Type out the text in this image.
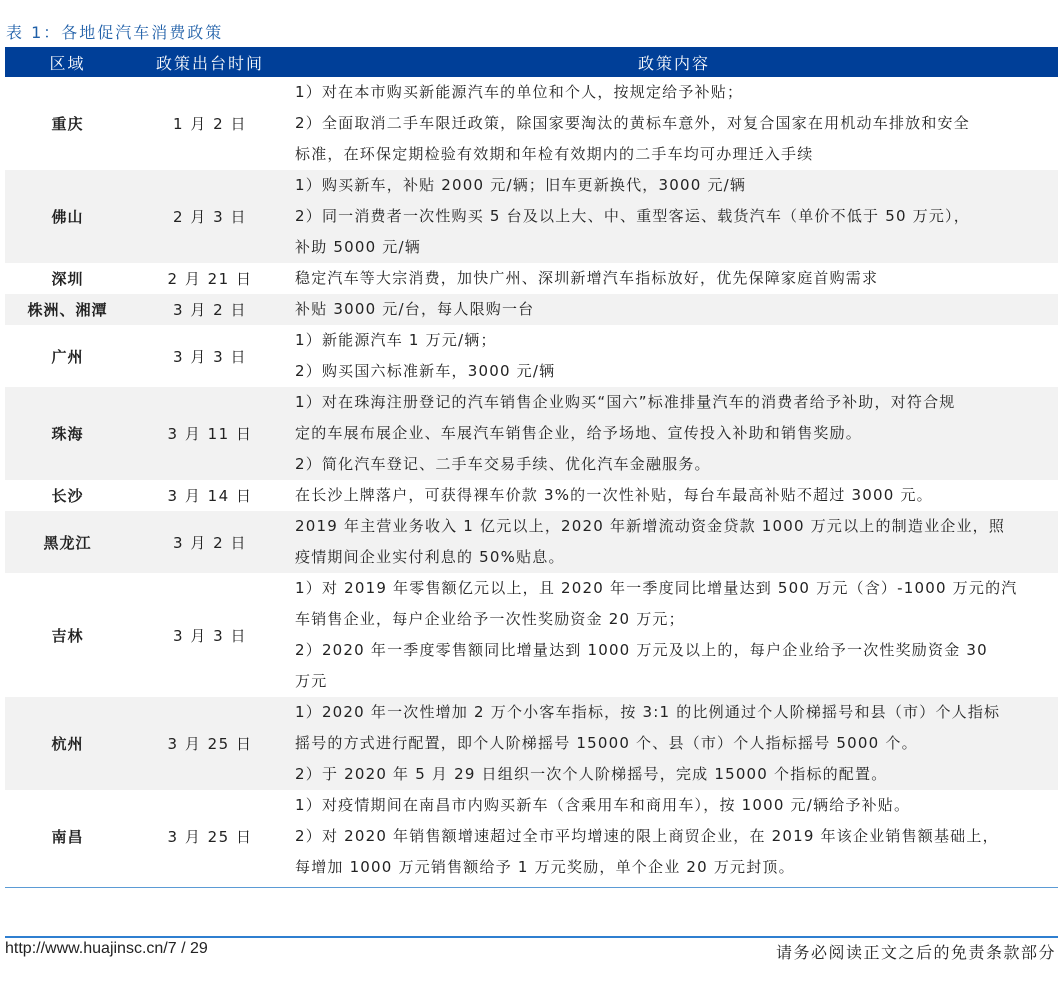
表 1：各地促汽车消费政策
区域	政策出台时间	政策内容
重庆	1 月 2 日	1）对在本市购买新能源汽车的单位和个人，按规定给予补贴；
2）全面取消二手车限迁政策，除国家要淘汰的黄标车意外，对复合国家在用机动车排放和安全
标准，在环保定期检验有效期和年检有效期内的二手车均可办理迁入手续

佛山	2 月 3 日	1）购买新车，补贴 2000 元/辆；旧车更新换代，3000 元/辆
2）同一消费者一次性购买 5 台及以上大、中、重型客运、载货汽车（单价不低于 50 万元），
补助 5000 元/辆

深圳	2 月 21 日	稳定汽车等大宗消费，加快广州、深圳新增汽车指标放好，优先保障家庭首购需求

株洲、湘潭	3 月 2 日	补贴 3000 元/台，每人限购一台

广州	3 月 3 日	1）新能源汽车 1 万元/辆；
2）购买国六标准新车，3000 元/辆

珠海	3 月 11 日	1）对在珠海注册登记的汽车销售企业购买“国六”标准排量汽车的消费者给予补助，对符合规
定的车展布展企业、车展汽车销售企业，给予场地、宣传投入补助和销售奖励。
2）简化汽车登记、二手车交易手续、优化汽车金融服务。

长沙	3 月 14 日	在长沙上牌落户，可获得裸车价款 3%的一次性补贴，每台车最高补贴不超过 3000 元。

黑龙江	3 月 2 日	2019 年主营业务收入 1 亿元以上，2020 年新增流动资金贷款 1000 万元以上的制造业企业，照
疫情期间企业实付利息的 50%贴息。

吉林	3 月 3 日	1）对 2019 年零售额亿元以上，且 2020 年一季度同比增量达到 500 万元（含）-1000 万元的汽
车销售企业，每户企业给予一次性奖励资金 20 万元；
2）2020 年一季度零售额同比增量达到 1000 万元及以上的，每户企业给予一次性奖励资金 30
万元

杭州	3 月 25 日	1）2020 年一次性增加 2 万个小客车指标，按 3:1 的比例通过个人阶梯摇号和县（市）个人指标
摇号的方式进行配置，即个人阶梯摇号 15000 个、县（市）个人指标摇号 5000 个。
2）于 2020 年 5 月 29 日组织一次个人阶梯摇号，完成 15000 个指标的配置。

南昌	3 月 25 日	1）对疫情期间在南昌市内购买新车（含乘用车和商用车），按 1000 元/辆给予补贴。
2）对 2020 年销售额增速超过全市平均增速的限上商贸企业，在 2019 年该企业销售额基础上，
每增加 1000 万元销售额给予 1 万元奖励，单个企业 20 万元封顶。
http://www.huajinsc.cn/7 / 29	请务必阅读正文之后的免责条款部分
